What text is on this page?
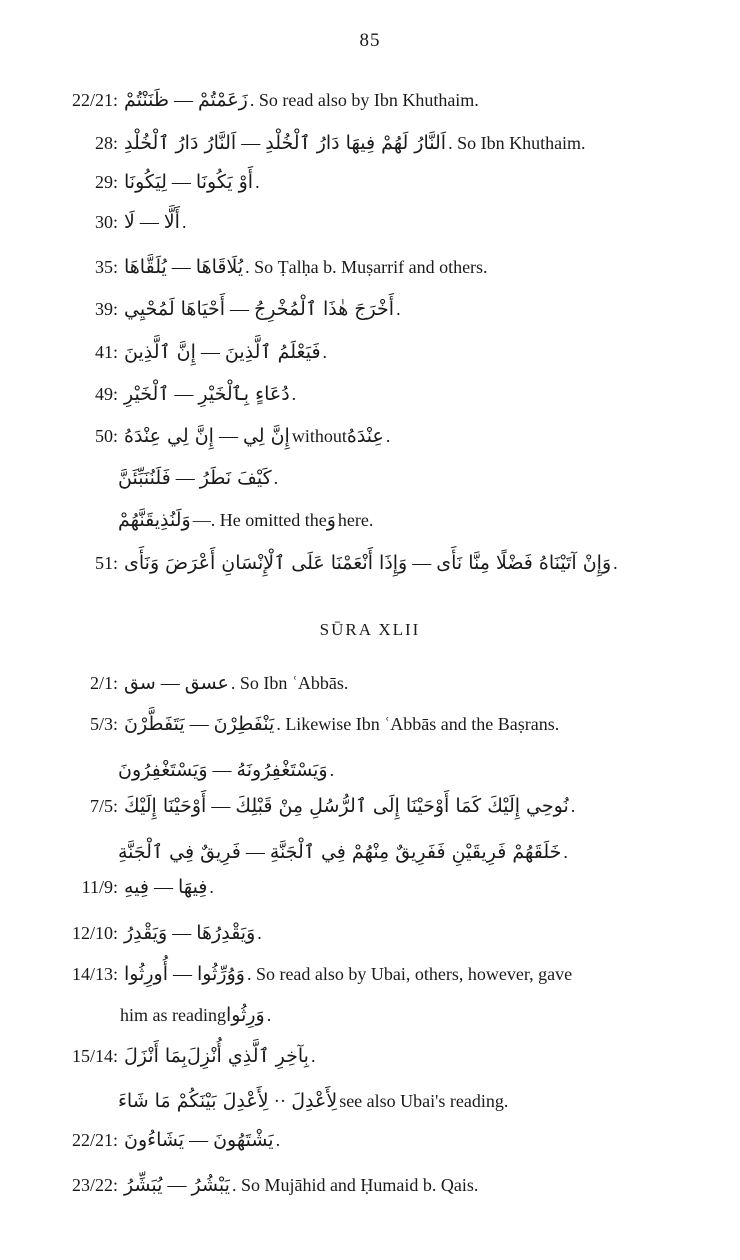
85
SŪRA XLII
22/21:	زَعَمْتُمْ—ظَنَنْتُمْ	. So read also by Ibn Khuthaim.
28:	اَلنَّارُ لَهُمْ فِيهَا دَارُ ٱلْخُلْدِ—اَلنَّارُ دَارُ ٱلْخُلْدِ	. So Ibn Khuthaim.
29:	أَوْ يَكُونَا—لِيَكُونَا	.
30:	أَلَّا—لَا	.
35:	يُلَاقَاهَا—يُلَقَّاهَا	. So Ṭalḥa b. Muṣarrif and others.
39:	أَخْرَجَ هٰذَا ٱلْمُخْرِجُ—أَحْيَاهَا لَمُحْيِي	.
41:	فَيَعْلَمُ ٱلَّذِينَ—إِنَّ ٱلَّذِينَ	.
49:	دُعَاءٍ بِٱلْخَيْرِ—ٱلْخَيْرِ	.
50:	إِنَّ لِي—إِنَّ لِي عِنْدَهُ	without عِنْدَهُ .
كَيْفَ نَطَرُ—فَلَنُنَبِّئَنَّ	.
وَلَنُذِيقَنَّهُمْ —. He omitted the وَ here.
51:	وَإِنْ آتَيْنَاهُ فَضْلًا مِنَّا نَأَى—وَإِذَا أَنْعَمْنَا عَلَى ٱلْإِنْسَانِ أَعْرَضَ وَنَأَى	.
2/1:	عسق—سق	. So Ibn ʿAbbās.
5/3:	يَنْفَطِرْنَ—يَتَفَطَّرْنَ	. Likewise Ibn ʿAbbās and the Baṣrans.
وَيَسْتَغْفِرُونَهُ—وَيَسْتَغْفِرُونَ	.
7/5:	نُوحِي إِلَيْكَ كَمَا أَوْحَيْنَا إِلَى ٱلرُّسُلِ مِنْ قَبْلِكَ—أَوْحَيْنَا إِلَيْكَ	.
خَلَقَهُمْ فَرِيقَيْنِ فَفَرِيقٌ مِنْهُمْ فِي ٱلْجَنَّةِ—فَرِيقٌ فِي ٱلْجَنَّةِ	.
11/9:	فِيهَا—فِيهِ	.
12/10:	وَيَقْدِرُهَا—وَيَقْدِرُ	.
14/13:	وَوُرِّثُوا—أُورِثُوا	. So read also by Ubai, others, however, gave
him as reading وَرِثُوا .
15/14:	بِآخِرِ ٱلَّذِي أُنْزِلَبِمَا أَنْزَلَ	.
لِأَعْدِلَ··لِأَعْدِلَ بَيْنَكُمْ مَا شَاءَ	see also Ubai's reading.
22/21:	يَشْتَهُونَ—يَشَاءُونَ	.
23/22:	يَبْشُرُ—يُبَشِّرُ	. So Mujāhid and Ḥumaid b. Qais.
